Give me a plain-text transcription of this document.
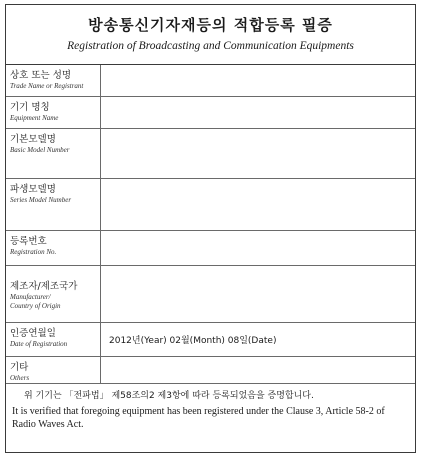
방송통신기자재등의 적합등록 필증
Registration of Broadcasting and Communication Equipments
상호 또는 성명
Trade Name or Registrant
기기 명칭
Equipment Name
기본모델명
Basic Model Number
파생모델명
Series Model Number
등록번호
Registration No.
제조자/제조국가
Manufacturer/
Country of Origin
인증연월일
Date of Registration	2012년(Year) 02월(Month) 08일(Date)
기타
Others
위 기기는 「전파법」 제58조의2 제3항에 따라 등록되었음을 증명합니다.
It is verified that foregoing equipment has been registered under the Clause 3, Article 58-2 of Radio Waves Act.
